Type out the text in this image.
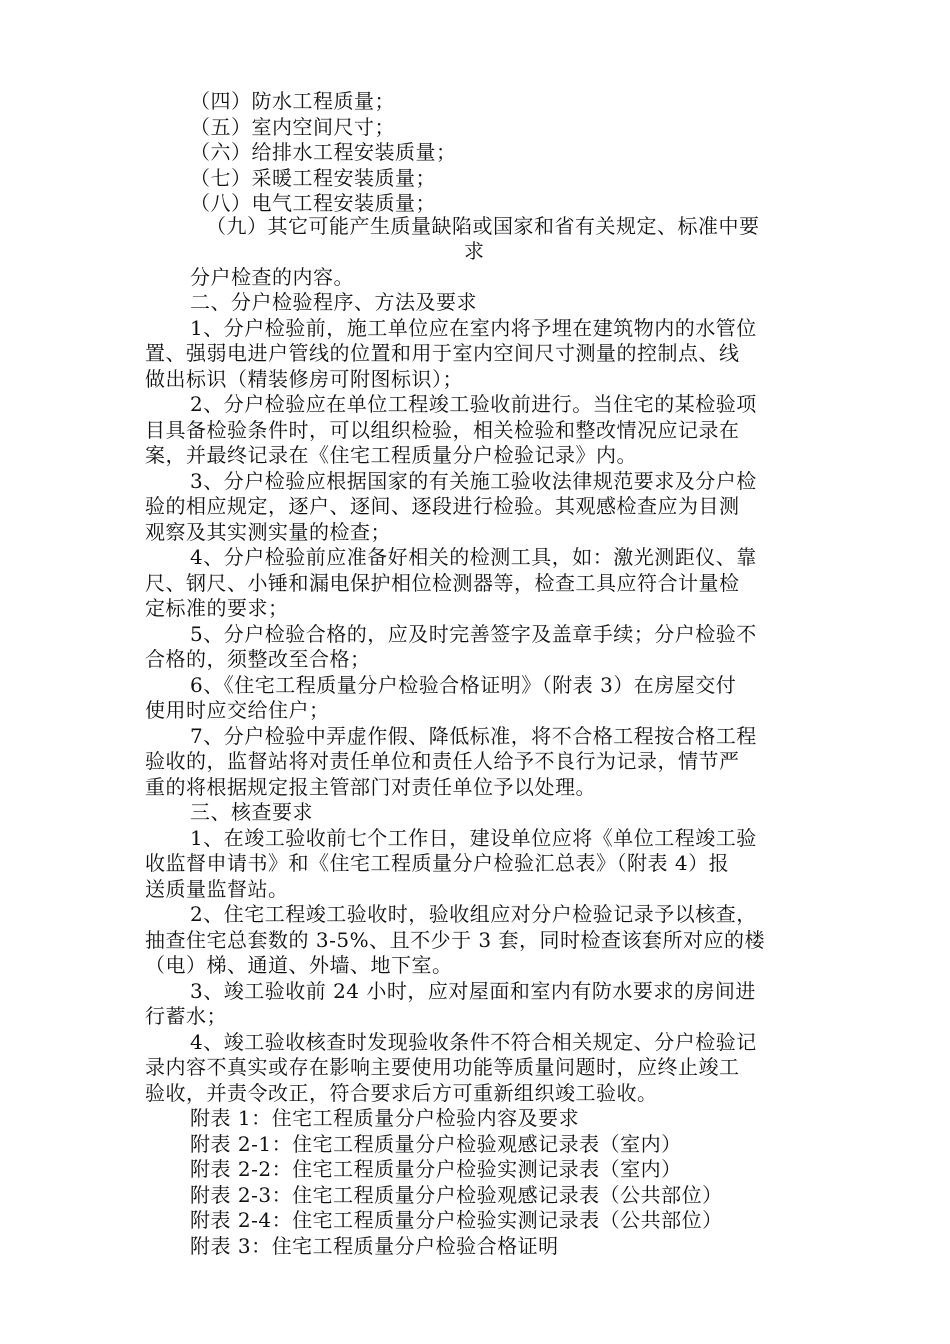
（四）防水工程质量；
（五）室内空间尺寸；
（六）给排水工程安装质量；
（七）采暖工程安装质量；
（八）电气工程安装质量；
（九）其它可能产生质量缺陷或国家和省有关规定、标准中要
求
分户检查的内容。
二、分户检验程序、方法及要求
1、分户检验前，施工单位应在室内将予埋在建筑物内的水管位
置、强弱电进户管线的位置和用于室内空间尺寸测量的控制点、线
做出标识（精装修房可附图标识）；
2、分户检验应在单位工程竣工验收前进行。当住宅的某检验项
目具备检验条件时，可以组织检验，相关检验和整改情况应记录在
案，并最终记录在《住宅工程质量分户检验记录》内。
3、分户检验应根据国家的有关施工验收法律规范要求及分户检
验的相应规定，逐户、逐间、逐段进行检验。其观感检查应为目测
观察及其实测实量的检查；
4、分户检验前应准备好相关的检测工具，如：激光测距仪、靠
尺、钢尺、小锤和漏电保护相位检测器等，检查工具应符合计量检
定标准的要求；
5、分户检验合格的，应及时完善签字及盖章手续；分户检验不
合格的，须整改至合格；
6、《住宅工程质量分户检验合格证明》（附表 3）在房屋交付
使用时应交给住户；
7、分户检验中弄虚作假、降低标准，将不合格工程按合格工程
验收的，监督站将对责任单位和责任人给予不良行为记录，情节严
重的将根据规定报主管部门对责任单位予以处理。
三、核查要求
1、在竣工验收前七个工作日，建设单位应将《单位工程竣工验
收监督申请书》和《住宅工程质量分户检验汇总表》（附表 4）报
送质量监督站。
2、住宅工程竣工验收时，验收组应对分户检验记录予以核查，
抽查住宅总套数的 3-5%、且不少于 3 套，同时检查该套所对应的楼
（电）梯、通道、外墙、地下室。
3、竣工验收前 24 小时，应对屋面和室内有防水要求的房间进
行蓄水；
4、竣工验收核查时发现验收条件不符合相关规定、分户检验记
录内容不真实或存在影响主要使用功能等质量问题时，应终止竣工
验收，并责令改正，符合要求后方可重新组织竣工验收。
附表 1：住宅工程质量分户检验内容及要求
附表 2-1：住宅工程质量分户检验观感记录表（室内）
附表 2-2：住宅工程质量分户检验实测记录表（室内）
附表 2-3：住宅工程质量分户检验观感记录表（公共部位）
附表 2-4：住宅工程质量分户检验实测记录表（公共部位）
附表 3：住宅工程质量分户检验合格证明
